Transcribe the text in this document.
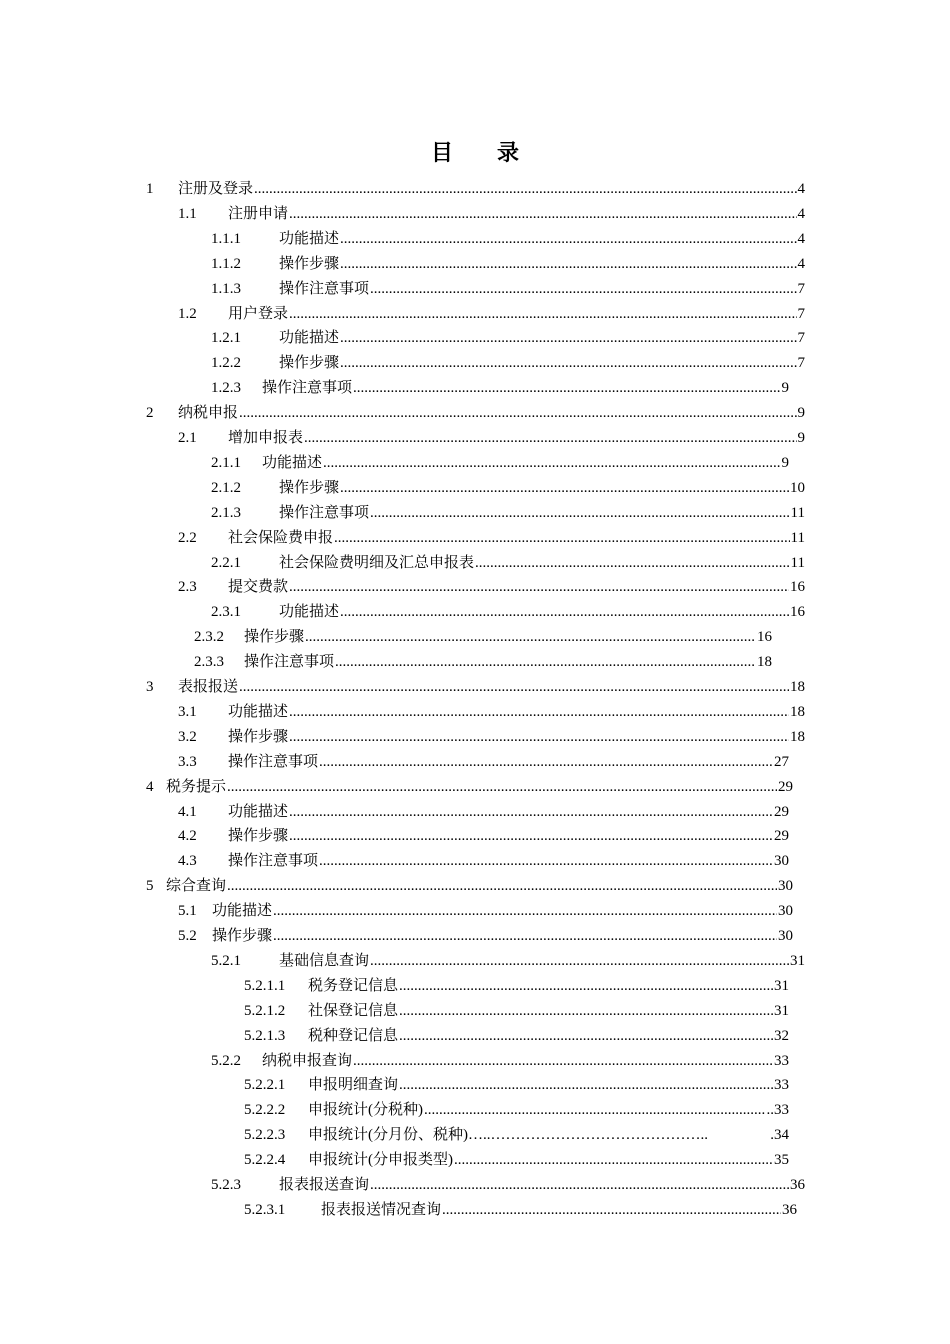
目 录
1	注册及登录 .....	4
1.1	注册申请 .....	4
1.1.1	功能描述 .....	4
1.1.2	操作步骤 .....	4
1.1.3	操作注意事项 .....	7
1.2	用户登录 .....	7
1.2.1	功能描述 .....	7
1.2.2	操作步骤 .....	7
1.2.3	操作注意事项 .....	9
2	纳税申报 .....	9
2.1	增加申报表 .....	9
2.1.1	功能描述 .....	9
2.1.2	操作步骤 .....	10
2.1.3	操作注意事项 .....	11
2.2	社会保险费申报 .....	11
2.2.1	社会保险费明细及汇总申报表 .....	11
2.3	提交费款 .....	16
2.3.1	功能描述 .....	16
2.3.2	操作步骤 .....	16
2.3.3	操作注意事项 .....	18
3	表报报送 .....	18
3.1	功能描述 .....	18
3.2	操作步骤 .....	18
3.3	操作注意事项 .....	27
4 税务提示 .....	29
4.1	功能描述 .....	29
4.2	操作步骤 .....	29
4.3	操作注意事项 .....	30
5 综合查询 .....	30
5.1	功能描述 .....	30
5.2	操作步骤 .....	30
5.2.1	基础信息查询 .....	31
5.2.1.1	税务登记信息 .....	31
5.2.1.2	社保登记信息 .....	31
5.2.1.3	税种登记信息 .....	32
5.2.2	纳税申报查询 .....	33
5.2.2.1	申报明细查询 .....	33
5.2.2.2	申报统计(分税种) .....	..33
5.2.2.3	申报统计(分月份、税种)…..……………………………………..	.34
5.2.2.4	申报统计(分申报类型) .....	35
5.2.3	报表报送查询 .....	36
5.2.3.1	报表报送情况查询 .....	36
